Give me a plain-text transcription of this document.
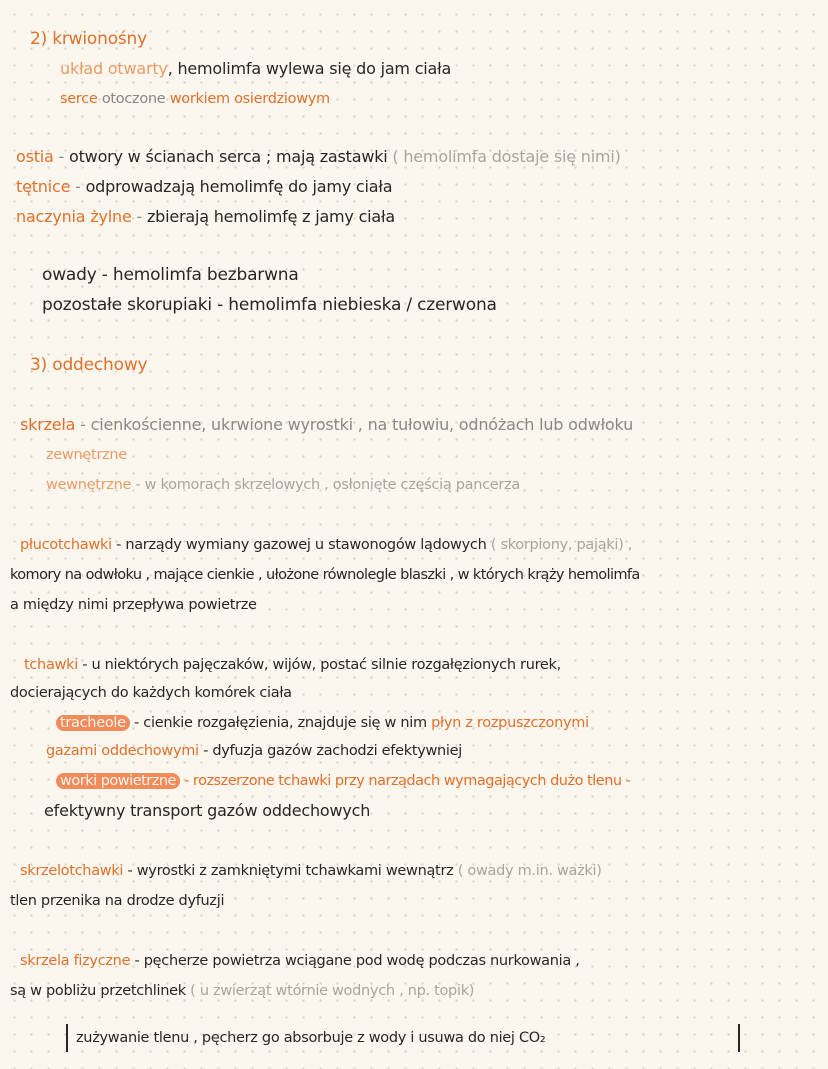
2) krwionośny
układ otwarty, hemolimfa wylewa się do jam ciała
serce otoczone workiem osierdziowym
ostia - otwory w ścianach serca ; mają zastawki ( hemolimfa dostaje się nimi)
tętnice - odprowadzają hemolimfę do jamy ciała
naczynia żylne - zbierają hemolimfę z jamy ciała
owady - hemolimfa bezbarwna
pozostałe skorupiaki - hemolimfa niebieska / czerwona
3) oddechowy
skrzela - cienkościenne, ukrwione wyrostki , na tułowiu, odnóżach lub odwłoku
zewnętrzne
wewnętrzne - w komorach skrzelowych , osłonięte częścią pancerza
płucotchawki - narządy wymiany gazowej u stawonogów lądowych ( skorpiony, pająki) ,
komory na odwłoku , mające cienkie , ułożone równolegle blaszki , w których krąży hemolimfa
a między nimi przepływa powietrze
tchawki - u niektórych pajęczaków, wijów, postać silnie rozgałęzionych rurek,
docierających do każdych komórek ciała
tracheole - cienkie rozgałęzienia, znajduje się w nim płyn z rozpuszczonymi
gazami oddechowymi - dyfuzja gazów zachodzi efektywniej
worki powietrzne - rozszerzone tchawki przy narządach wymagających dużo tlenu -
efektywny transport gazów oddechowych
skrzelotchawki - wyrostki z zamkniętymi tchawkami wewnątrz ( owady m.in. ważki)
tlen przenika na drodze dyfuzji
skrzela fizyczne - pęcherze powietrza wciągane pod wodę podczas nurkowania ,
są w pobliżu przetchlinek ( u zwierząt wtórnie wodnych , np. topik)
zużywanie tlenu , pęcherz go absorbuje z wody i usuwa do niej CO₂
